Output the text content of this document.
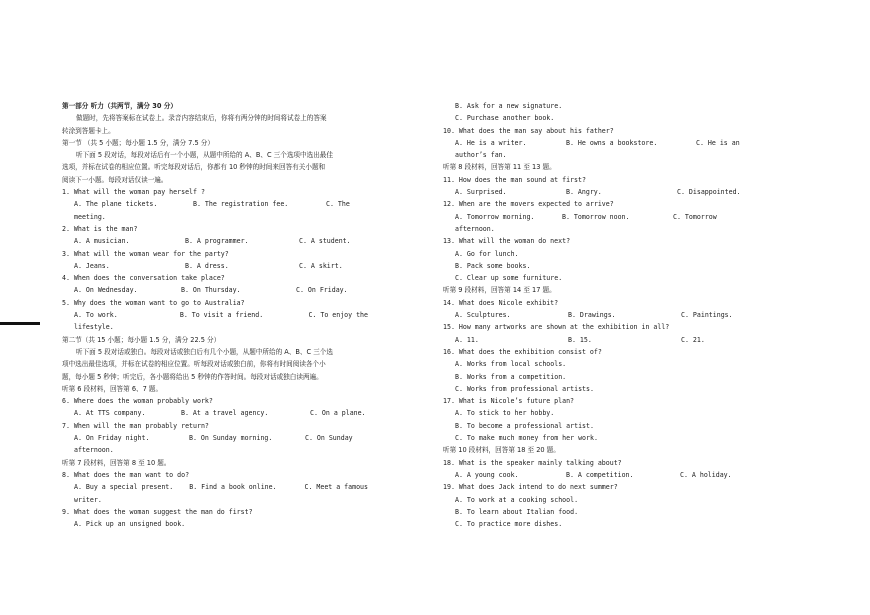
第一部分 听力（共两节，满分 30 分）
做题时，先将答案标在试卷上。录音内容结束后，你将有两分钟的时间将试卷上的答案
转涂到答题卡上。
第一节 （共 5 小题；每小题 1.5 分，满分 7.5 分）
听下面 5 段对话，每段对话后有一个小题，从题中所给的 A、B、C 三个选项中选出最佳
选项，并标在试卷的相应位置。听完每段对话后，你都有 10 秒钟的时间来回答有关小题和
阅读下一小题。每段对话仅读一遍。
1. What will the woman pay herself ?
A. The plane tickets.	B. The registration fee.	C. The
meeting.
2. What is the man?
A. A musician.	B. A programmer.	C. A student.
3. What will the woman wear for the party?
A. Jeans.	B. A dress.	C. A skirt.
4. When does the conversation take place?
A. On Wednesday.	B. On Thursday.	C. On Friday.
5. Why does the woman want to go to Australia?
A. To work.	B. To visit a friend.	C. To enjoy the
lifestyle.
第二节（共 15 小题；每小题 1.5 分，满分 22.5 分）
听下面 5 段对话或独白。每段对话或独白后有几个小题，从题中所给的 A、B、C 三个选
项中选出最佳选项，并标在试卷的相应位置。听每段对话或独白前，你将有时间阅读各个小
题，每小题 5 秒钟；听完后，各小题将给出 5 秒钟的作答时间。每段对话或独白读两遍。
听第 6 段材料，回答第 6、7 题。
6. Where does the woman probably work?
A. At TTS company.	B. At a travel agency.	C. On a plane.
7. When will the man probably return?
A. On Friday night.	B. On Sunday morning.	C. On Sunday
afternoon.
听第 7 段材料，回答第 8 至 10 题。
8. What does the man want to do?
A. Buy a special present.	B. Find a book online.	C. Meet a famous
writer.
9. What does the woman suggest the man do first?
A. Pick up an unsigned book.
B. Ask for a new signature.
C. Purchase another book.
10. What does the man say about his father?
A. He is a writer.	B. He owns a bookstore.	C. He is an
author’s fan.
听第 8 段材料，回答第 11 至 13 题。
11. How does the man sound at first?
A. Surprised.	B. Angry.	C. Disappointed.
12. When are the movers expected to arrive?
A. Tomorrow morning.	B. Tomorrow noon.	C. Tomorrow
afternoon.
13. What will the woman do next?
A. Go for lunch.
B. Pack some books.
C. Clear up some furniture.
听第 9 段材料，回答第 14 至 17 题。
14. What does Nicole exhibit?
A. Sculptures.	B. Drawings.	C. Paintings.
15. How many artworks are shown at the exhibition in all?
A. 11.	B. 15.	C. 21.
16. What does the exhibition consist of?
A. Works from local schools.
B. Works from a competition.
C. Works from professional artists.
17. What is Nicole’s future plan?
A. To stick to her hobby.
B. To become a professional artist.
C. To make much money from her work.
听第 10 段材料，回答第 18 至 20 题。
18. What is the speaker mainly talking about?
A. A young cook.	B. A competition.	C. A holiday.
19. What does Jack intend to do next summer?
A. To work at a cooking school.
B. To learn about Italian food.
C. To practice more dishes.
